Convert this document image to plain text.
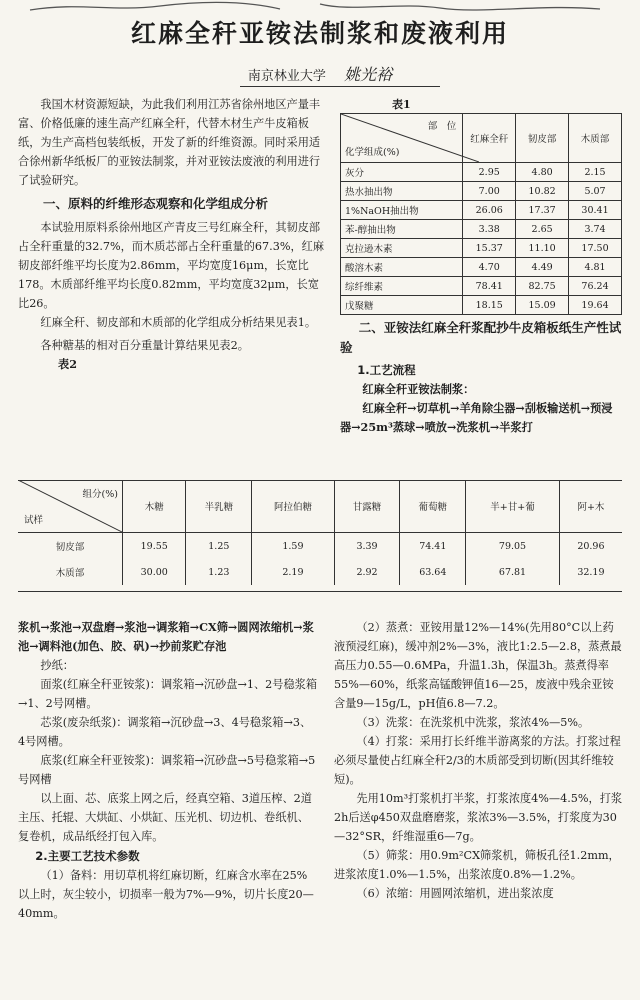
红麻全秆亚铵法制浆和废液利用
南京林业大学 姚光裕
我国木材资源短缺，为此我们利用江苏省徐州地区产量丰富、价格低廉的速生高产红麻全秆，代替木材生产牛皮箱板纸，为生产高档包装纸板，开发了新的纤维资源。同时采用适合徐州新华纸板厂的亚铵法制浆，并对亚铵法废液的利用进行了试验研究。
一、原料的纤维形态观察和化学组成分析
本试验用原料系徐州地区产青皮三号红麻全秆，其韧皮部占全秆重量的32.7%，而木质芯部占全秆重量的67.3%，红麻韧皮部纤维平均长度为2.86mm，平均宽度16μm，长宽比178。木质部纤维平均长度0.82mm，平均宽度32μm，长宽比26。
红麻全秆、韧皮部和木质部的化学组成分析结果见表1。
各种糖基的相对百分重量计算结果见表2。
表2
表1
部　位
化学组成(%)	红麻全秆	韧皮部	木质部
灰分	2.95	4.80	2.15
热水抽出物	7.00	10.82	5.07
1%NaOH抽出物	26.06	17.37	30.41
苯-醇抽出物	3.38	2.65	3.74
克拉逊木素	15.37	11.10	17.50
酸溶木素	4.70	4.49	4.81
综纤维素	78.41	82.75	76.24
戊聚糖	18.15	15.09	19.64
二、亚铵法红麻全秆浆配抄牛皮箱板纸生产性试验
1.工艺流程
红麻全秆亚铵法制浆：
红麻全秆→切草机→羊角除尘器→刮板输送机→预浸器→25m³蒸球→喷放→洗浆机→半浆打
组分(%)
试样	木糖	半乳糖	阿拉伯糖	甘露糖	葡萄糖	半+甘+葡	阿+木
韧皮部	19.55	1.25	1.59	3.39	74.41	79.05	20.96
木质部	30.00	1.23	2.19	2.92	63.64	67.81	32.19
浆机→浆池→双盘磨→浆池→调浆箱→CX筛→圆网浓缩机→浆池→调料池(加色、胶、矾)→抄前浆贮存池
抄纸：
面浆(红麻全秆亚铵浆)：调浆箱→沉砂盘→1、2号稳浆箱→1、2号网槽。
芯浆(废杂纸浆)：调浆箱→沉砂盘→3、4号稳浆箱→3、4号网槽。
底浆(红麻全秆亚铵浆)：调浆箱→沉砂盘→5号稳浆箱→5号网槽
以上面、芯、底浆上网之后，经真空箱、3道压榨、2道主压、托辊、大烘缸、小烘缸、压光机、切边机、卷纸机、复卷机，成品纸经打包入库。
2.主要工艺技术参数
（1）备料：用切草机将红麻切断，红麻含水率在25%以上时，灰尘较小，切损率一般为7%—9%，切片长度20—40mm。
（2）蒸煮：亚铵用量12%—14%(先用80°C以上药液预浸红麻)，缓冲剂2%—3%，液比1:2.5—2.8，蒸煮最高压力0.55—0.6MPa，升温1.3h，保温3h。蒸煮得率55%—60%，纸浆高锰酸钾值16—25，废液中残余亚铵含量9—15g/L，pH值6.8—7.2。
（3）洗浆：在洗浆机中洗浆，浆浓4%—5%。
（4）打浆：采用打长纤维半游离浆的方法。打浆过程必须尽量使占红麻全秆2/3的木质部受到切断(因其纤维较短)。
先用10m³打浆机打半浆，打浆浓度4%—4.5%，打浆2h后送φ450双盘磨磨浆，浆浓3%—3.5%，打浆度为30—32°SR，纤维湿重6—7g。
（5）筛浆：用0.9m²CX筛浆机，筛板孔径1.2mm，进浆浓度1.0%—1.5%，出浆浓度0.8%—1.2%。
（6）浓缩：用圆网浓缩机，进出浆浓度
